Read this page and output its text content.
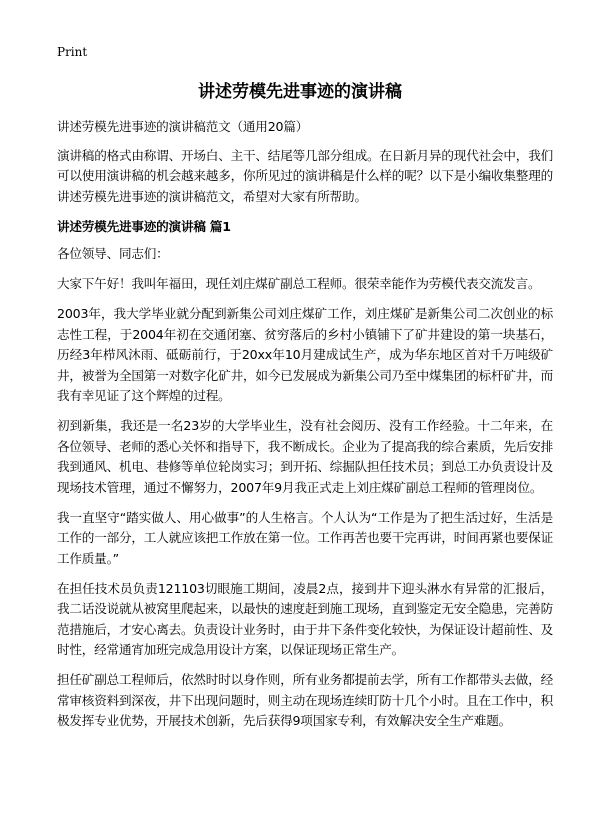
Print
讲述劳模先进事迹的演讲稿

讲述劳模先进事迹的演讲稿范文（通用20篇）

演讲稿的格式由称谓、开场白、主干、结尾等几部分组成。在日新月异的现代社会中，我们可以使用演讲稿的机会越来越多，你所见过的演讲稿是什么样的呢？以下是小编收集整理的讲述劳模先进事迹的演讲稿范文，希望对大家有所帮助。

讲述劳模先进事迹的演讲稿 篇1

各位领导、同志们：

大家下午好！我叫年福田，现任刘庄煤矿副总工程师。很荣幸能作为劳模代表交流发言。

2003年，我大学毕业就分配到新集公司刘庄煤矿工作，刘庄煤矿是新集公司二次创业的标志性工程，于2004年初在交通闭塞、贫穷落后的乡村小镇铺下了矿井建设的第一块基石，历经3年栉风沐雨、砥砺前行，于20xx年10月建成试生产，成为华东地区首对千万吨级矿井，被誉为全国第一对数字化矿井，如今已发展成为新集公司乃至中煤集团的标杆矿井，而我有幸见证了这个辉煌的过程。

初到新集，我还是一名23岁的大学毕业生，没有社会阅历、没有工作经验。十二年来，在各位领导、老师的悉心关怀和指导下，我不断成长。企业为了提高我的综合素质，先后安排我到通风、机电、巷修等单位轮岗实习；到开拓、综掘队担任技术员；到总工办负责设计及现场技术管理，通过不懈努力，2007年9月我正式走上刘庄煤矿副总工程师的管理岗位。

我一直坚守“踏实做人、用心做事”的人生格言。个人认为“工作是为了把生活过好，生活是工作的一部分，工人就应该把工作放在第一位。工作再苦也要干完再讲，时间再紧也要保证工作质量。”

在担任技术员负责121103切眼施工期间，凌晨2点，接到井下迎头淋水有异常的汇报后，我二话没说就从被窝里爬起来，以最快的速度赶到施工现场，直到鉴定无安全隐患，完善防范措施后，才安心离去。负责设计业务时，由于井下条件变化较快，为保证设计超前性、及时性，经常通宵加班完成急用设计方案，以保证现场正常生产。

担任矿副总工程师后，依然时时以身作则，所有业务都提前去学，所有工作都带头去做，经常审核资料到深夜，井下出现问题时，则主动在现场连续盯防十几个小时。且在工作中，积极发挥专业优势，开展技术创新，先后获得9项国家专利，有效解决安全生产难题。
